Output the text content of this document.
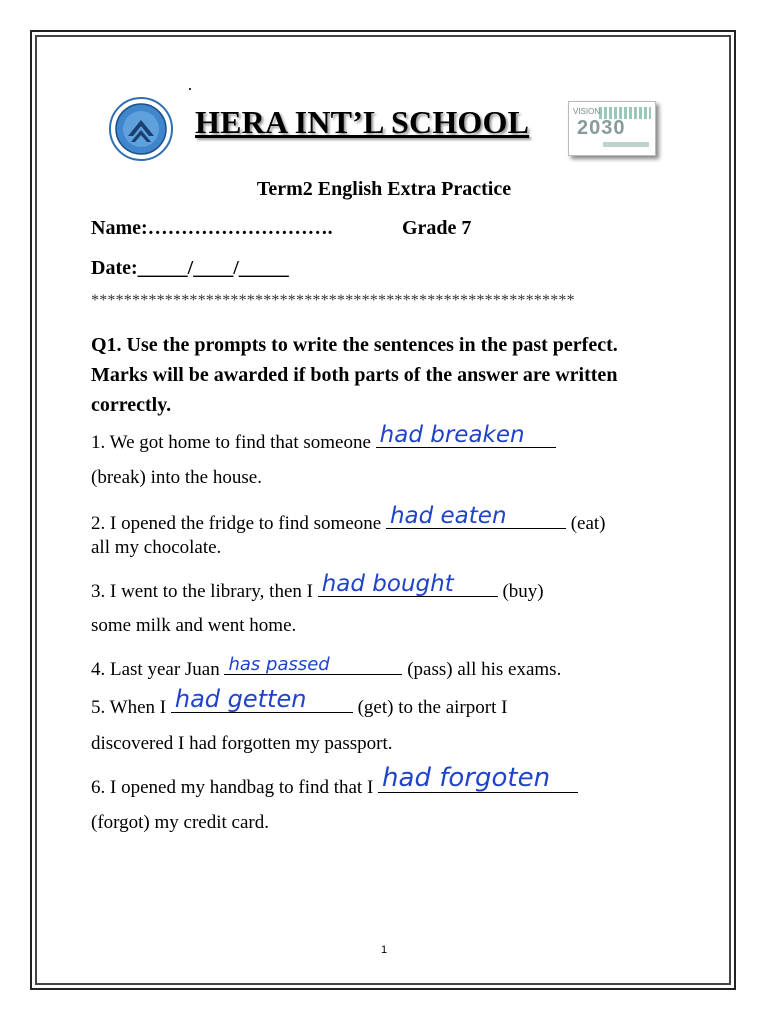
HERA INT’L SCHOOL	VISION
2030
Term2 English Extra Practice
Name:……………………….	Grade 7
Date:_____/____/_____
***********************************************************
Q1. Use the prompts to write the sentences in the past perfect. Marks will be awarded if both parts of the answer are written correctly.
1. We got home to find that someone had breaken
(break) into the house.
2. I opened the fridge to find someone had eaten	(eat)
all my chocolate.
3. I went to the library, then I had bought (buy)
some milk and went home.
4. Last year Juan has passed	(pass) all his exams.
5. When I had getten (get) to the airport I
discovered I had forgotten my passport.
6. I opened my handbag to find that I had forgoten
(forgot) my credit card.
1
